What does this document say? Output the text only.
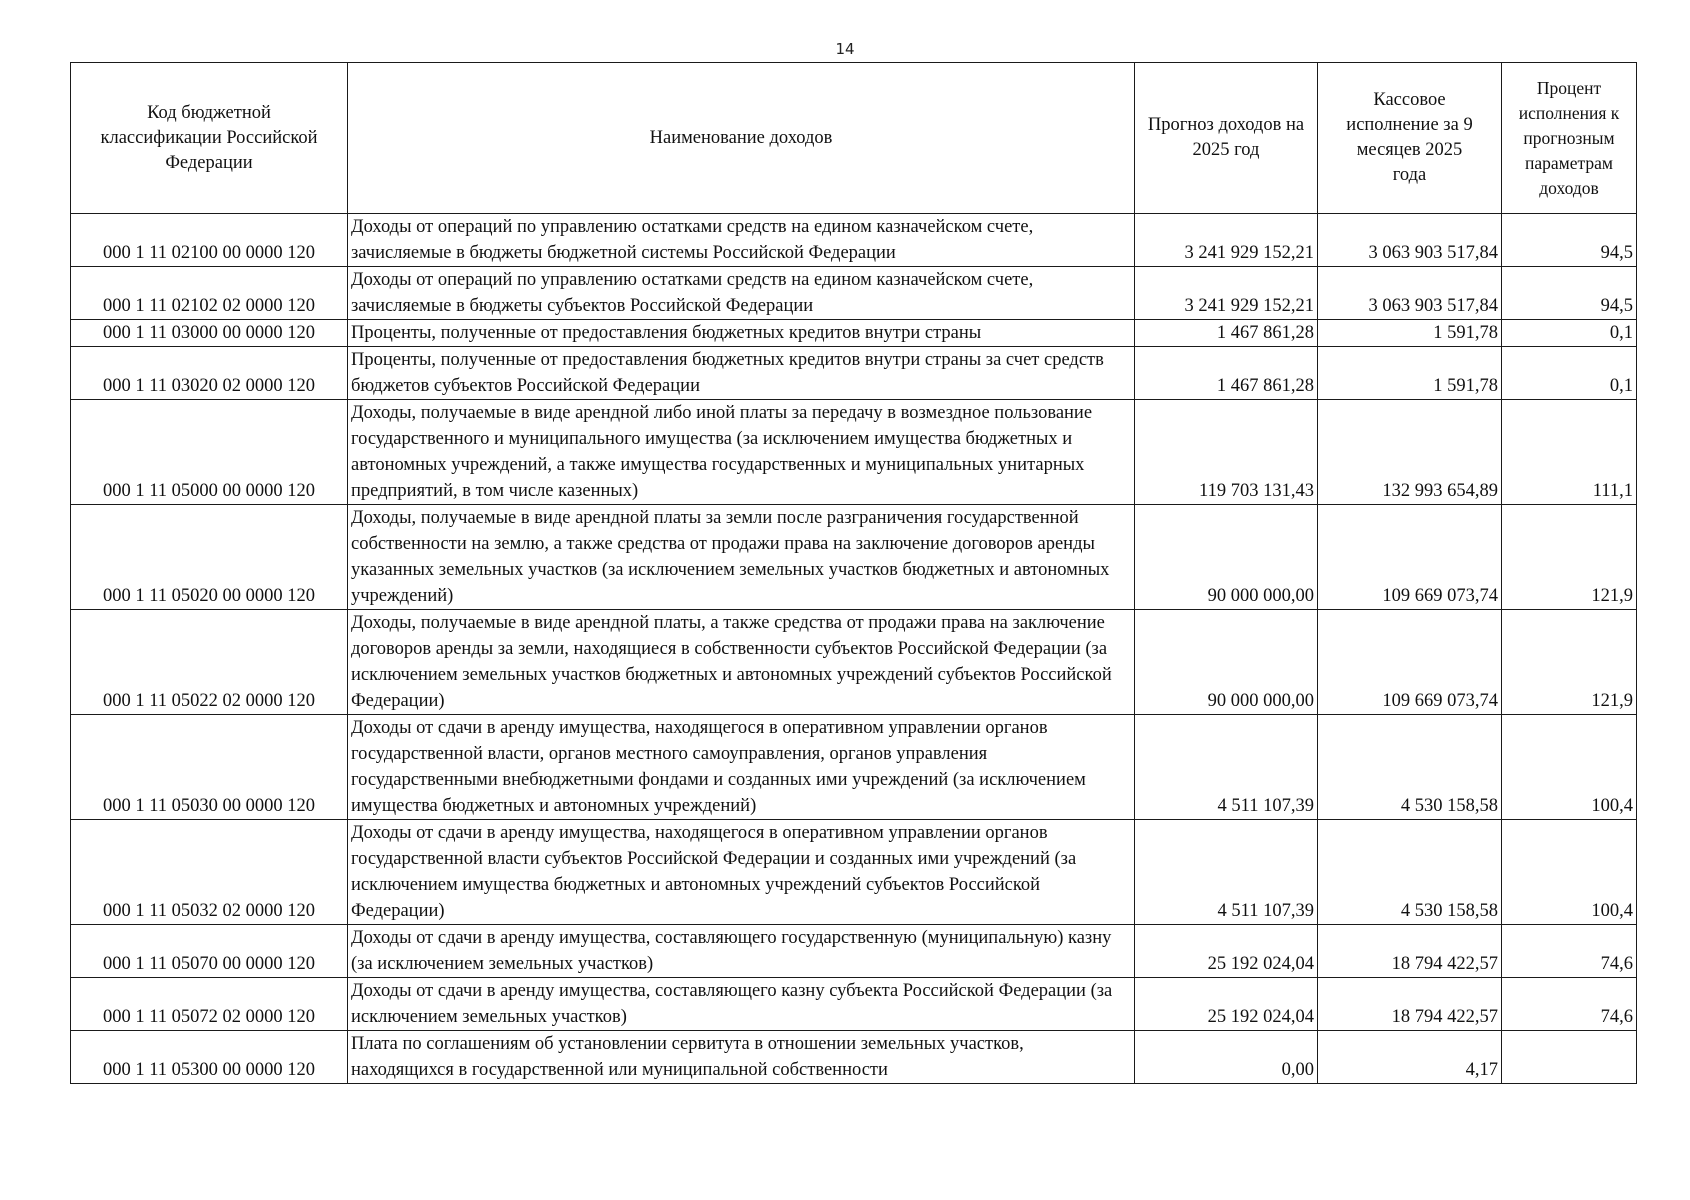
14
Код бюджетной классификации Российской Федерации	Наименование доходов	Прогноз доходов на 2025 год	Кассовое исполнение за 9 месяцев 2025 года	Процент исполнения к прогнозным параметрам доходов
000 1 11 02100 00 0000 120	Доходы от операций по управлению остатками средств на едином казначейском счете, зачисляемые в бюджеты бюджетной системы Российской Федерации	3 241 929 152,21	3 063 903 517,84	94,5
000 1 11 02102 02 0000 120	Доходы от операций по управлению остатками средств на едином казначейском счете, зачисляемые в бюджеты субъектов Российской Федерации	3 241 929 152,21	3 063 903 517,84	94,5
000 1 11 03000 00 0000 120	Проценты, полученные от предоставления бюджетных кредитов внутри страны	1 467 861,28	1 591,78	0,1
000 1 11 03020 02 0000 120	Проценты, полученные от предоставления бюджетных кредитов внутри страны за счет средств бюджетов субъектов Российской Федерации	1 467 861,28	1 591,78	0,1
000 1 11 05000 00 0000 120	Доходы, получаемые в виде арендной либо иной платы за передачу в возмездное пользование государственного и муниципального имущества (за исключением имущества бюджетных и автономных учреждений, а также имущества государственных и муниципальных унитарных предприятий, в том числе казенных)	119 703 131,43	132 993 654,89	111,1
000 1 11 05020 00 0000 120	Доходы, получаемые в виде арендной платы за земли после разграничения государственной собственности на землю, а также средства от продажи права на заключение договоров аренды указанных земельных участков (за исключением земельных участков бюджетных и автономных учреждений)	90 000 000,00	109 669 073,74	121,9
000 1 11 05022 02 0000 120	Доходы, получаемые в виде арендной платы, а также средства от продажи права на заключение договоров аренды за земли, находящиеся в собственности субъектов Российской Федерации (за исключением земельных участков бюджетных и автономных учреждений субъектов Российской Федерации)	90 000 000,00	109 669 073,74	121,9
000 1 11 05030 00 0000 120	Доходы от сдачи в аренду имущества, находящегося в оперативном управлении органов государственной власти, органов местного самоуправления, органов управления государственными внебюджетными фондами и созданных ими учреждений (за исключением имущества бюджетных и автономных учреждений)	4 511 107,39	4 530 158,58	100,4
000 1 11 05032 02 0000 120	Доходы от сдачи в аренду имущества, находящегося в оперативном управлении органов государственной власти субъектов Российской Федерации и созданных ими учреждений (за исключением имущества бюджетных и автономных учреждений субъектов Российской Федерации)	4 511 107,39	4 530 158,58	100,4
000 1 11 05070 00 0000 120	Доходы от сдачи в аренду имущества, составляющего государственную (муниципальную) казну (за исключением земельных участков)	25 192 024,04	18 794 422,57	74,6
000 1 11 05072 02 0000 120	Доходы от сдачи в аренду имущества, составляющего казну субъекта Российской Федерации (за исключением земельных участков)	25 192 024,04	18 794 422,57	74,6
000 1 11 05300 00 0000 120	Плата по соглашениям об установлении сервитута в отношении земельных участков, находящихся в государственной или муниципальной собственности	0,00	4,17	
